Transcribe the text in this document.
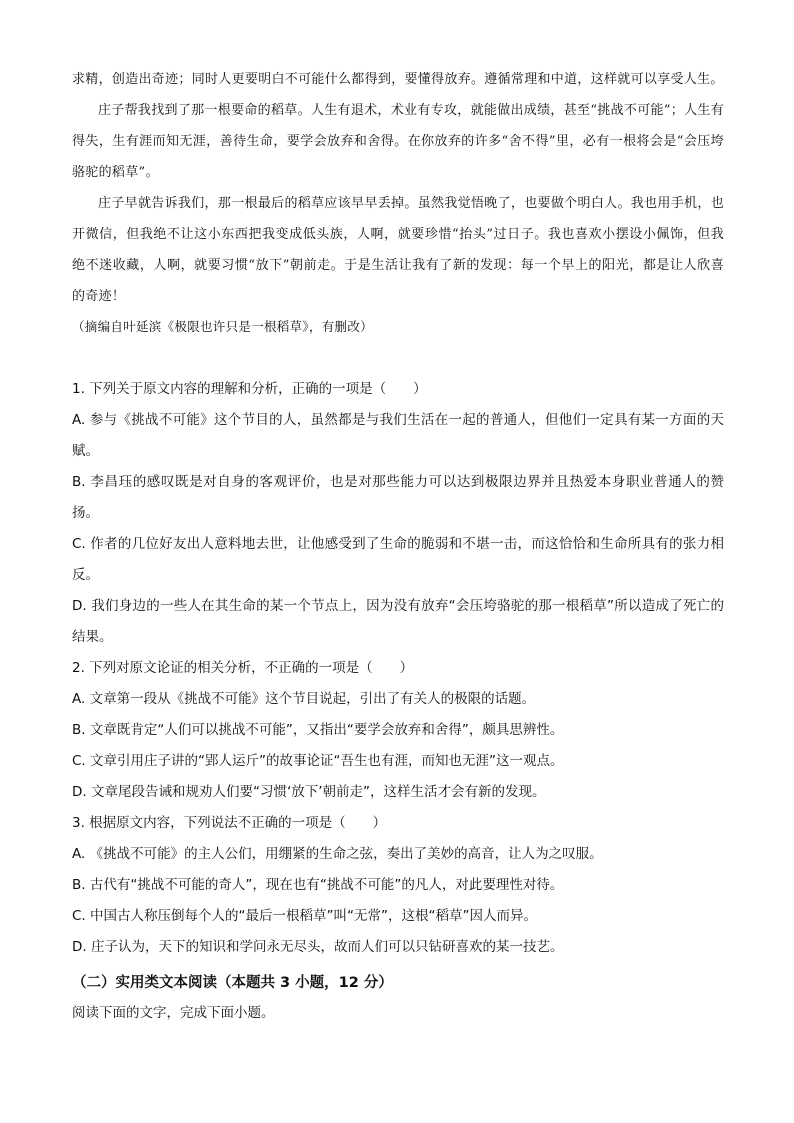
求精，创造出奇迹；同时人更要明白不可能什么都得到，要懂得放弃。遵循常理和中道，这样就可以享受人生。

庄子帮我找到了那一根要命的稻草。人生有退术，术业有专攻，就能做出成绩，甚至“挑战不可能”；人生有得失，生有涯而知无涯，善待生命，要学会放弃和舍得。在你放弃的许多“舍不得”里，必有一根将会是“会压垮骆驼的稻草”。

庄子早就告诉我们，那一根最后的稻草应该早早丢掉。虽然我觉悟晚了，也要做个明白人。我也用手机，也开微信，但我绝不让这小东西把我变成低头族，人啊，就要珍惜“抬头”过日子。我也喜欢小摆设小佩饰，但我绝不迷收藏，人啊，就要习惯“放下”朝前走。于是生活让我有了新的发现：每一个早上的阳光，都是让人欣喜的奇迹！

（摘编自叶延滨《极限也许只是一根稻草》，有删改）

1. 下列关于原文内容的理解和分析，正确的一项是（　　）

A. 参与《挑战不可能》这个节目的人，虽然都是与我们生活在一起的普通人，但他们一定具有某一方面的天赋。

B. 李昌珏的感叹既是对自身的客观评价，也是对那些能力可以达到极限边界并且热爱本身职业普通人的赞扬。

C. 作者的几位好友出人意料地去世，让他感受到了生命的脆弱和不堪一击，而这恰恰和生命所具有的张力相反。

D. 我们身边的一些人在其生命的某一个节点上，因为没有放弃“会压垮骆驼的那一根稻草”所以造成了死亡的结果。

2. 下列对原文论证的相关分析，不正确的一项是（　　）

A. 文章第一段从《挑战不可能》这个节目说起，引出了有关人的极限的话题。

B. 文章既肯定“人们可以挑战不可能”，又指出“要学会放弃和舍得”，颇具思辨性。

C. 文章引用庄子讲的“郢人运斤”的故事论证“吾生也有涯，而知也无涯”这一观点。

D. 文章尾段告诫和规劝人们要“习惯‘放下’朝前走”，这样生活才会有新的发现。

3. 根据原文内容，下列说法不正确的一项是（　　）

A. 《挑战不可能》的主人公们，用绷紧的生命之弦，奏出了美妙的高音，让人为之叹服。

B. 古代有“挑战不可能的奇人”，现在也有“挑战不可能”的凡人，对此要理性对待。

C. 中国古人称压倒每个人的“最后一根稻草”叫“无常”，这根“稻草”因人而异。

D. 庄子认为，天下的知识和学问永无尽头，故而人们可以只钻研喜欢的某一技艺。

（二）实用类文本阅读（本题共 3 小题，12 分）
阅读下面的文字，完成下面小题。
